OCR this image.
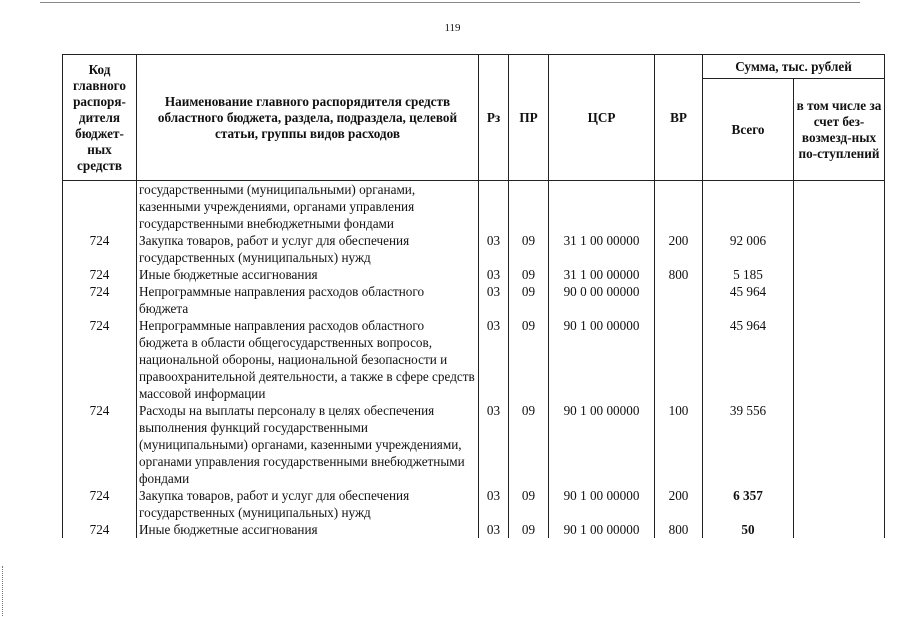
119
Код главного распоря-дителя бюджет-ных средств	Наименование главного распорядителя средств областного бюджета, раздела, подраздела, целевой статьи, группы видов расходов	Рз	ПР	ЦСР	ВР	Сумма, тыс. рублей	
						Всего	в том числе за счет без-возмезд-ных по-ступлений
	государственными (муниципальными) органами, казенными учреждениями, органами управления государственными внебюджетными фондами						
724	Закупка товаров, работ и услуг для обеспечения государственных (муниципальных) нужд	03	09	31 1 00 00000	200	92 006	
724	Иные бюджетные ассигнования	03	09	31 1 00 00000	800	5 185	
724	Непрограммные направления расходов областного бюджета	03	09	90 0 00 00000		45 964	
724	Непрограммные направления расходов областного бюджета в области общегосударственных вопросов, национальной обороны, национальной безопасности и правоохранительной деятельности, а также в сфере средств массовой информации	03	09	90 1 00 00000		45 964	
724	Расходы на выплаты персоналу в целях обеспечения выполнения функций государственными (муниципальными) органами, казенными учреждениями, органами управления государственными внебюджетными фондами	03	09	90 1 00 00000	100	39 556	
724	Закупка товаров, работ и услуг для обеспечения государственных (муниципальных) нужд	03	09	90 1 00 00000	200	6 357	
724	Иные бюджетные ассигнования	03	09	90 1 00 00000	800	50	
